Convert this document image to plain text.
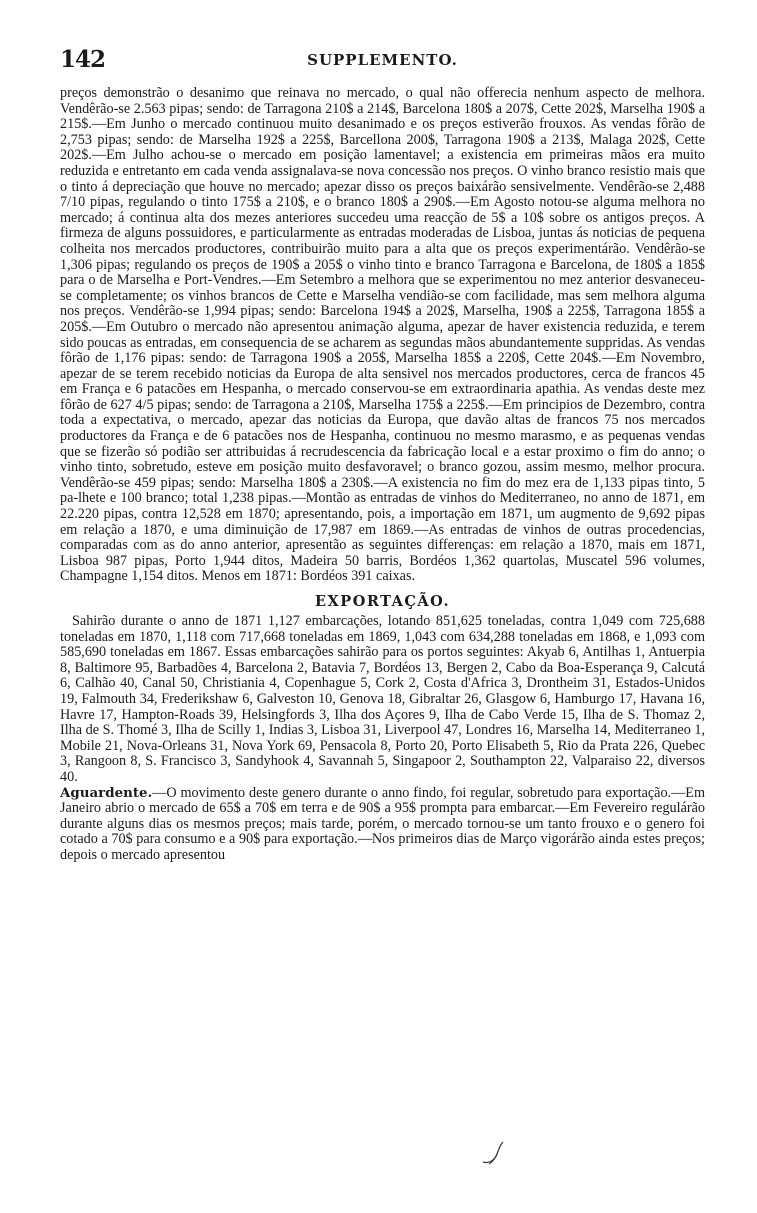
142	SUPPLEMENTO.

preços demonstrão o desanimo que reinava no mercado, o qual não offerecia nenhum aspecto de melhora. Vendêrão-se 2.563 pipas; sendo: de Tarragona 210$ a 214$, Barcelona 180$ a 207$, Cette 202$, Marselha 190$ a 215$.—Em Junho o mercado continuou muito desanimado e os preços estiverão frouxos. As vendas fôrão de 2,753 pipas; sendo: de Marselha 192$ a 225$, Barcellona 200$, Tarragona 190$ a 213$, Malaga 202$, Cette 202$.—Em Julho achou-se o mercado em posição lamentavel; a existencia em primeiras mãos era muito reduzida e entretanto em cada venda assignalava-se nova concessão nos preços. O vinho branco resistio mais que o tinto á depreciação que houve no mercado; apezar disso os preços baixárão sensivelmente. Vendêrão-se 2,488 7/10 pipas, regulando o tinto 175$ a 210$, e o branco 180$ a 290$.—Em Agosto notou-se alguma melhora no mercado; á continua alta dos mezes anteriores succedeu uma reacção de 5$ a 10$ sobre os antigos preços. A firmeza de alguns possuidores, e particularmente as entradas moderadas de Lisboa, juntas ás noticias de pequena colheita nos mercados productores, contribuirão muito para a alta que os preços experimentárão. Vendêrão-se 1,306 pipas; regulando os preços de 190$ a 205$ o vinho tinto e branco Tarragona e Barcelona, de 180$ a 185$ para o de Marselha e Port-Vendres.—Em Setembro a melhora que se experimentou no mez anterior desvaneceu-se completamente; os vinhos brancos de Cette e Marselha vendião-se com facilidade, mas sem melhora alguma nos preços. Vendêrão-se 1,994 pipas; sendo: Barcelona 194$ a 202$, Marselha, 190$ a 225$, Tarragona 185$ a 205$.—Em Outubro o mercado não apresentou animação alguma, apezar de haver existencia reduzida, e terem sido poucas as entradas, em consequencia de se acharem as segundas mãos abundantemente suppridas. As vendas fôrão de 1,176 pipas: sendo: de Tarragona 190$ a 205$, Marselha 185$ a 220$, Cette 204$.—Em Novembro, apezar de se terem recebido noticias da Europa de alta sensivel nos mercados productores, cerca de francos 45 em França e 6 patacões em Hespanha, o mercado conservou-se em extraordinaria apathia. As vendas deste mez fôrão de 627 4/5 pipas; sendo: de Tarragona a 210$, Marselha 175$ a 225$.—Em principios de Dezembro, contra toda a expectativa, o mercado, apezar das noticias da Europa, que davão altas de francos 75 nos mercados productores da França e de 6 patacões nos de Hespanha, continuou no mesmo marasmo, e as pequenas vendas que se fizerão só podião ser attribuidas á recrudescencia da fabricação local e a estar proximo o fim do anno; o vinho tinto, sobretudo, esteve em posição muito desfavoravel; o branco gozou, assim mesmo, melhor procura. Vendêrão-se 459 pipas; sendo: Marselha 180$ a 230$.—A existencia no fim do mez era de 1,133 pipas tinto, 5 pa-lhete e 100 branco; total 1,238 pipas.—Montão as entradas de vinhos do Mediterraneo, no anno de 1871, em 22.220 pipas, contra 12,528 em 1870; apresentando, pois, a importação em 1871, um augmento de 9,692 pipas em relação a 1870, e uma diminuição de 17,987 em 1869.—As entradas de vinhos de outras procedencias, comparadas com as do anno anterior, apresentão as seguintes differenças: em relação a 1870, mais em 1871, Lisboa 987 pipas, Porto 1,944 ditos, Madeira 50 barris, Bordéos 1,362 quartolas, Muscatel 596 volumes, Champagne 1,154 ditos. Menos em 1871: Bordéos 391 caixas.

EXPORTAÇÃO.

Sahirão durante o anno de 1871 1,127 embarcações, lotando 851,625 toneladas, contra 1,049 com 725,688 toneladas em 1870, 1,118 com 717,668 toneladas em 1869, 1,043 com 634,288 toneladas em 1868, e 1,093 com 585,690 toneladas em 1867. Essas embarcações sahirão para os portos seguintes: Akyab 6, Antilhas 1, Antuerpia 8, Baltimore 95, Barbadões 4, Barcelona 2, Batavia 7, Bordéos 13, Bergen 2, Cabo da Boa-Esperança 9, Calcutá 6, Calhão 40, Canal 50, Christiania 4, Copenhague 5, Cork 2, Costa d'Africa 3, Drontheim 31, Estados-Unidos 19, Falmouth 34, Frederikshaw 6, Galveston 10, Genova 18, Gibraltar 26, Glasgow 6, Hamburgo 17, Havana 16, Havre 17, Hampton-Roads 39, Helsingfords 3, Ilha dos Açores 9, Ilha de Cabo Verde 15, Ilha de S. Thomaz 2, Ilha de S. Thomé 3, Ilha de Scilly 1, Indias 3, Lisboa 31, Liverpool 47, Londres 16, Marselha 14, Mediterraneo 1, Mobile 21, Nova-Orleans 31, Nova York 69, Pensacola 8, Porto 20, Porto Elisabeth 5, Rio da Prata 226, Quebec 3, Rangoon 8, S. Francisco 3, Sandyhook 4, Savannah 5, Singapoor 2, Southampton 22, Valparaiso 22, diversos 40.

Aguardente.—O movimento deste genero durante o anno findo, foi regular, sobretudo para exportação.—Em Janeiro abrio o mercado de 65$ a 70$ em terra e de 90$ a 95$ prompta para embarcar.—Em Fevereiro regulárão durante alguns dias os mesmos preços; mais tarde, porém, o mercado tornou-se um tanto frouxo e o genero foi cotado a 70$ para consumo e a 90$ para exportação.—Nos primeiros dias de Março vigorárão ainda estes preços; depois o mercado apresentou
